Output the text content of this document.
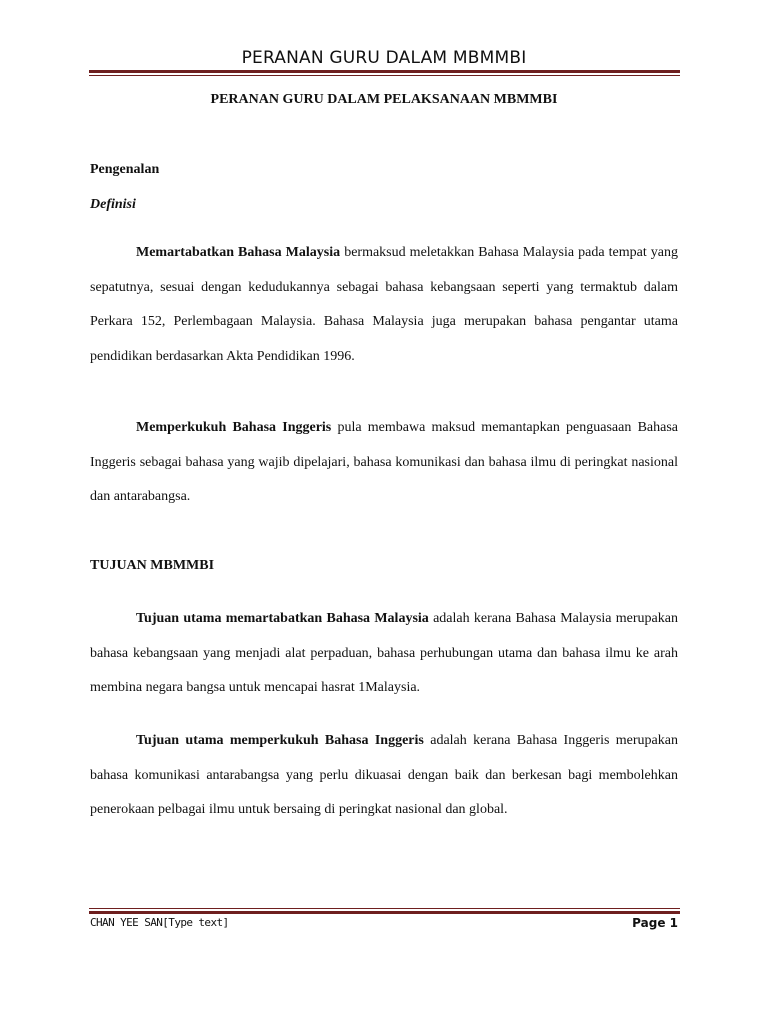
PERANAN GURU DALAM MBMMBI
PERANAN GURU DALAM PELAKSANAAN MBMMBI
Pengenalan
Definisi

Memartabatkan Bahasa Malaysia bermaksud meletakkan Bahasa Malaysia pada tempat yang sepatutnya, sesuai dengan kedudukannya sebagai bahasa kebangsaan seperti yang termaktub dalam Perkara 152, Perlembagaan Malaysia. Bahasa Malaysia juga merupakan bahasa pengantar utama pendidikan berdasarkan Akta Pendidikan 1996.

Memperkukuh Bahasa Inggeris pula membawa maksud memantapkan penguasaan Bahasa Inggeris sebagai bahasa yang wajib dipelajari, bahasa komunikasi dan bahasa ilmu di peringkat nasional dan antarabangsa.

TUJUAN MBMMBI

Tujuan utama memartabatkan Bahasa Malaysia adalah kerana Bahasa Malaysia merupakan bahasa kebangsaan yang menjadi alat perpaduan, bahasa perhubungan utama dan bahasa ilmu ke arah membina negara bangsa untuk mencapai hasrat 1Malaysia.

Tujuan utama memperkukuh Bahasa Inggeris adalah kerana Bahasa Inggeris merupakan bahasa komunikasi antarabangsa yang perlu dikuasai dengan baik dan berkesan bagi membolehkan penerokaan pelbagai ilmu untuk bersaing di peringkat nasional dan global.

CHAN YEE SAN[Type text]	Page 1
